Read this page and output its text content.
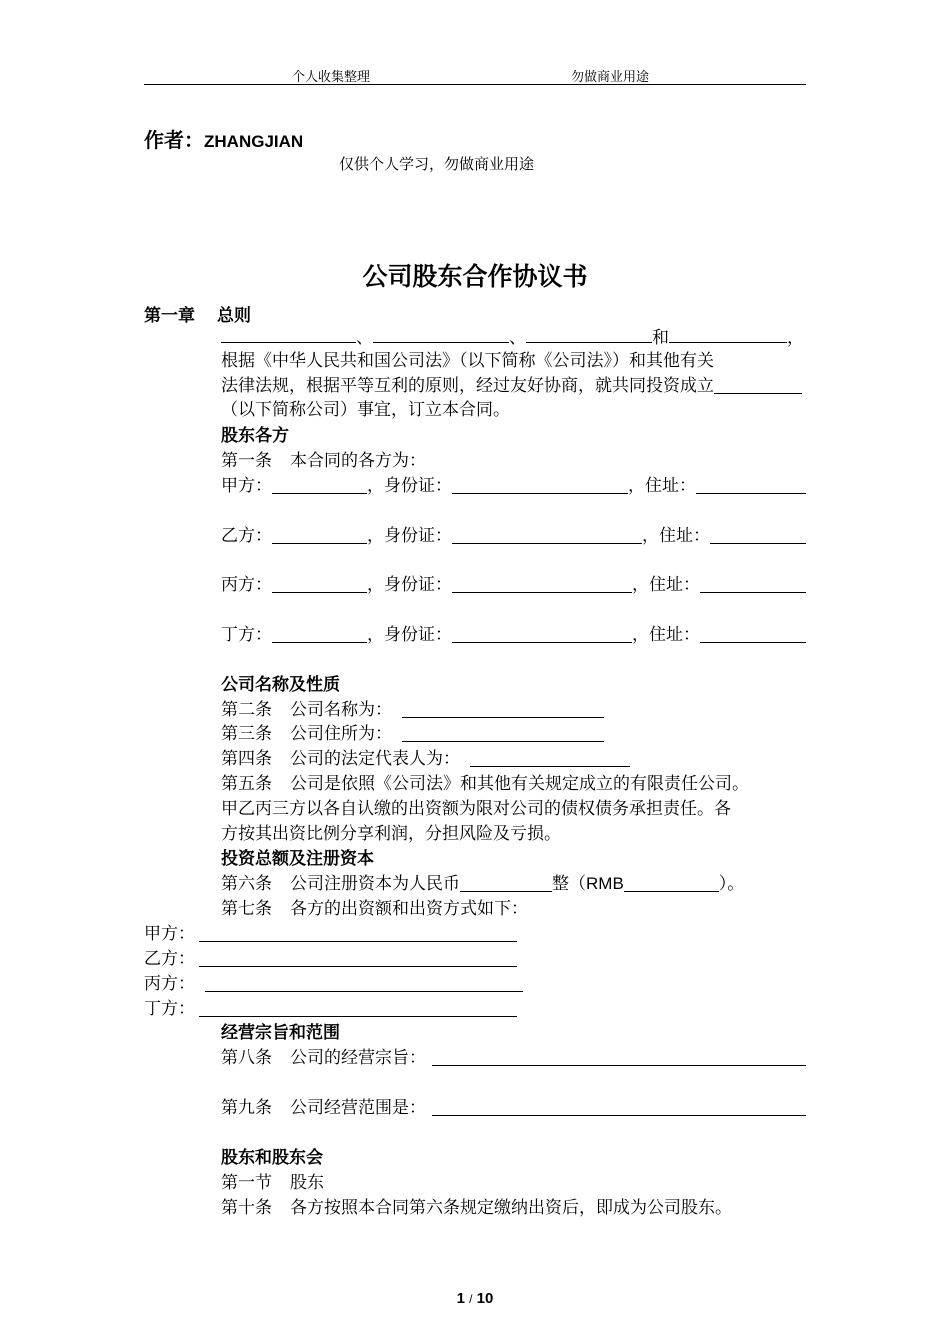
个人收集整理	勿做商业用途
作者：ZHANGJIAN
仅供个人学习，勿做商业用途
公司股东合作协议书
第一章 总则
、	、	和	，
根据《中华人民共和国公司法》（以下简称《公司法》）和其他有关
法律法规，根据平等互利的原则，经过友好协商，就共同投资成立
（以下简称公司）事宜，订立本合同。
股东各方
第一条 本合同的各方为：
甲方：	，身份证：	，住址：
乙方：	，身份证：	，住址：
丙方：	，身份证：	，住址：
丁方：	，身份证：	，住址：
公司名称及性质
第二条 公司名称为：
第三条 公司住所为：
第四条 公司的法定代表人为：
第五条 公司是依照《公司法》和其他有关规定成立的有限责任公司。
甲乙丙三方以各自认缴的出资额为限对公司的债权债务承担责任。各
方按其出资比例分享利润，分担风险及亏损。
投资总额及注册资本
第六条 公司注册资本为人民币	整（RMB	）。
第七条 各方的出资额和出资方式如下：
甲方：
乙方：
丙方：
丁方：
经营宗旨和范围
第八条 公司的经营宗旨：
第九条 公司经营范围是：
股东和股东会
第一节 股东
第十条 各方按照本合同第六条规定缴纳出资后，即成为公司股东。
1 / 10
